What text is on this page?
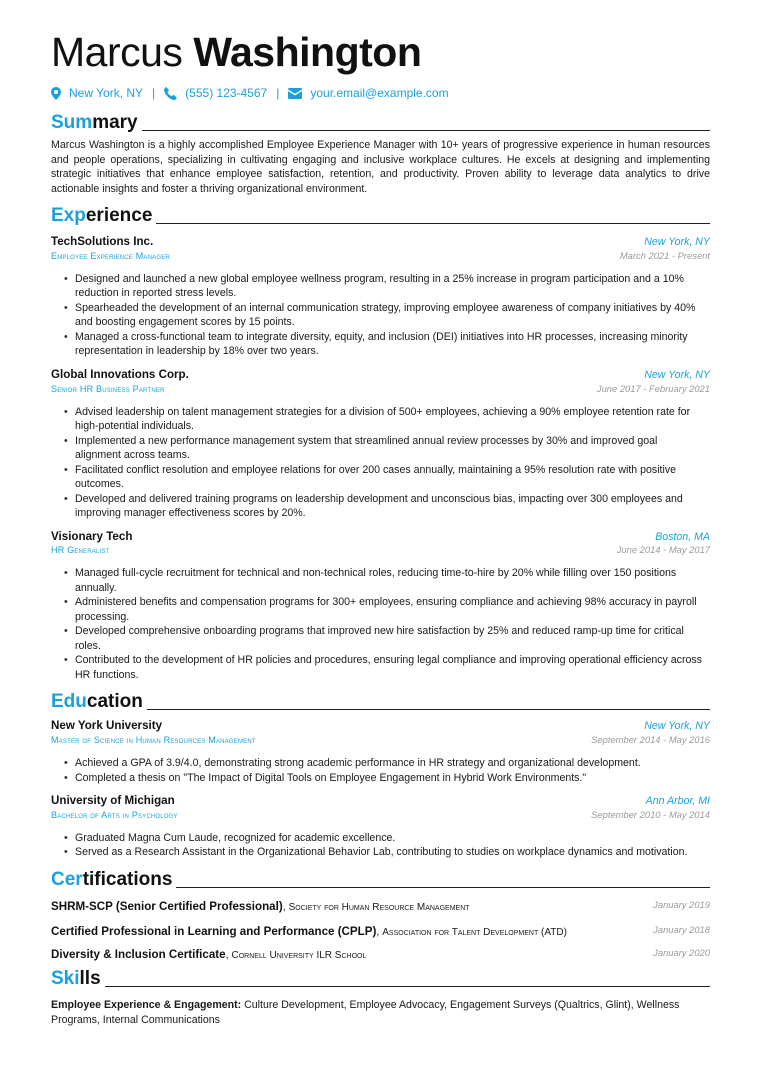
Marcus Washington
New York, NY |	(555) 123-4567 |	your.email@example.com
Summary
Marcus Washington is a highly accomplished Employee Experience Manager with 10+ years of progressive experience in human resources and people operations, specializing in cultivating engaging and inclusive workplace cultures. He excels at designing and implementing strategic initiatives that enhance employee satisfaction, retention, and productivity. Proven ability to leverage data analytics to drive actionable insights and foster a thriving organizational environment.
Experience
TechSolutions Inc.	New York, NY
Employee Experience Manager	March 2021 - Present
• Designed and launched a new global employee wellness program, resulting in a 25% increase in program participation and a 10% reduction in reported stress levels.
• Spearheaded the development of an internal communication strategy, improving employee awareness of company initiatives by 40% and boosting engagement scores by 15 points.
• Managed a cross-functional team to integrate diversity, equity, and inclusion (DEI) initiatives into HR processes, increasing minority representation in leadership by 18% over two years.
Global Innovations Corp.	New York, NY
Senior HR Business Partner	June 2017 - February 2021
• Advised leadership on talent management strategies for a division of 500+ employees, achieving a 90% employee retention rate for high-potential individuals.
• Implemented a new performance management system that streamlined annual review processes by 30% and improved goal alignment across teams.
• Facilitated conflict resolution and employee relations for over 200 cases annually, maintaining a 95% resolution rate with positive outcomes.
• Developed and delivered training programs on leadership development and unconscious bias, impacting over 300 employees and improving manager effectiveness scores by 20%.
Visionary Tech	Boston, MA
HR Generalist	June 2014 - May 2017
• Managed full-cycle recruitment for technical and non-technical roles, reducing time-to-hire by 20% while filling over 150 positions annually.
• Administered benefits and compensation programs for 300+ employees, ensuring compliance and achieving 98% accuracy in payroll processing.
• Developed comprehensive onboarding programs that improved new hire satisfaction by 25% and reduced ramp-up time for critical roles.
• Contributed to the development of HR policies and procedures, ensuring legal compliance and improving operational efficiency across HR functions.
Education
New York University	New York, NY
Master of Science in Human Resources Management	September 2014 - May 2016
• Achieved a GPA of 3.9/4.0, demonstrating strong academic performance in HR strategy and organizational development.
• Completed a thesis on "The Impact of Digital Tools on Employee Engagement in Hybrid Work Environments."
University of Michigan	Ann Arbor, MI
Bachelor of Arts in Psychology	September 2010 - May 2014
• Graduated Magna Cum Laude, recognized for academic excellence.
• Served as a Research Assistant in the Organizational Behavior Lab, contributing to studies on workplace dynamics and motivation.
Certifications
SHRM-SCP (Senior Certified Professional), Society for Human Resource Management	January 2019
Certified Professional in Learning and Performance (CPLP), Association for Talent Development (ATD)	January 2018
Diversity & Inclusion Certificate, Cornell University ILR School	January 2020
Skills
Employee Experience & Engagement: Culture Development, Employee Advocacy, Engagement Surveys (Qualtrics, Glint), Wellness Programs, Internal Communications
